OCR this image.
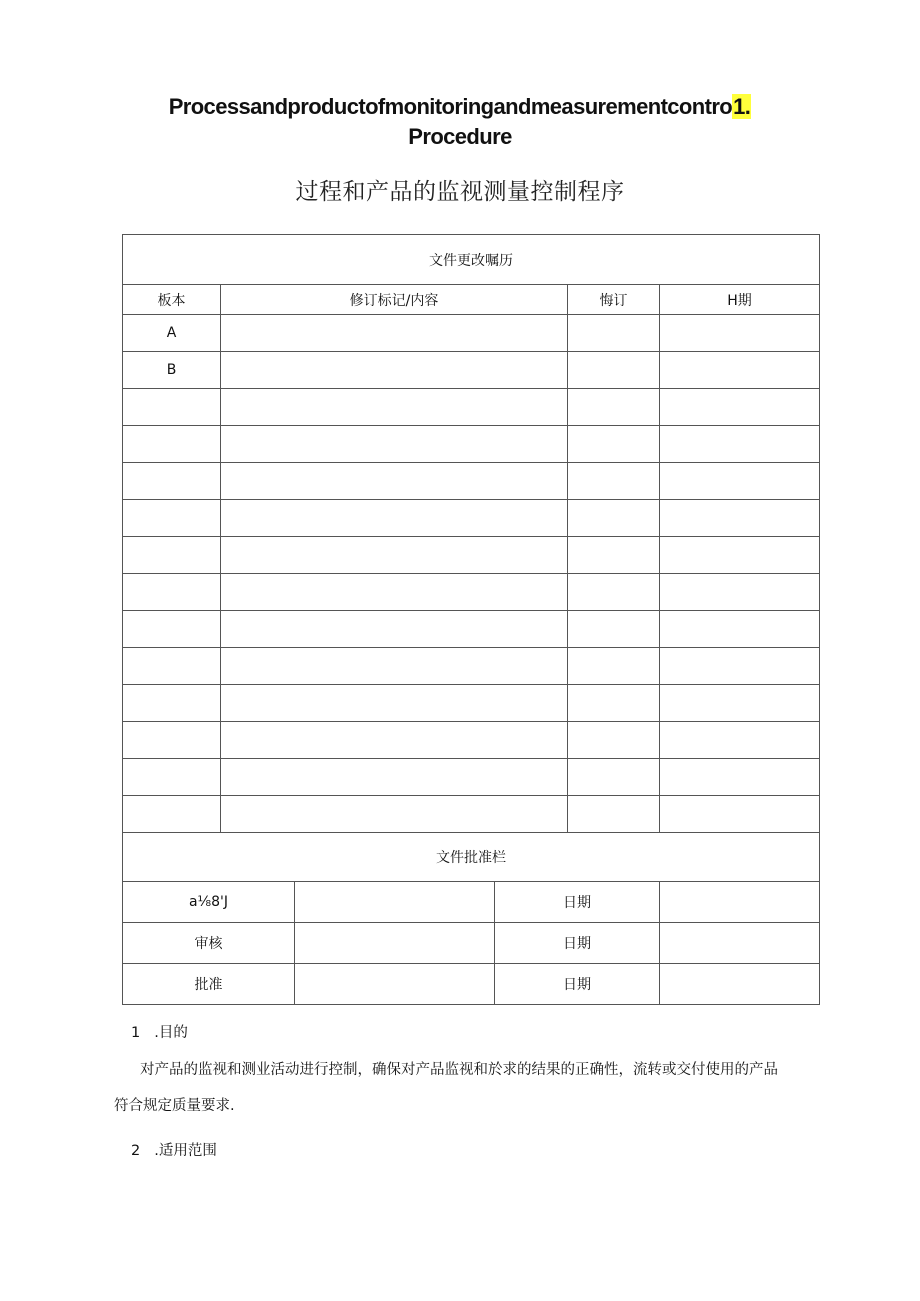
Processandproductofmonitoringandmeasurementcontro1.
Procedure
过程和产品的监视测量控制程序
文件更改嘱历					
板本	修订标记/内容			悔订	H期
A					
B					

文件批准栏					
a⅛8'J			日期		
审核			日期		
批准			日期		
1 .目的
对产品的监视和测业活动进行控制，确保对产品监视和於求的结果的正确性，流转或交付使用的产品
符合规定质量要求.
2 .适用范围
